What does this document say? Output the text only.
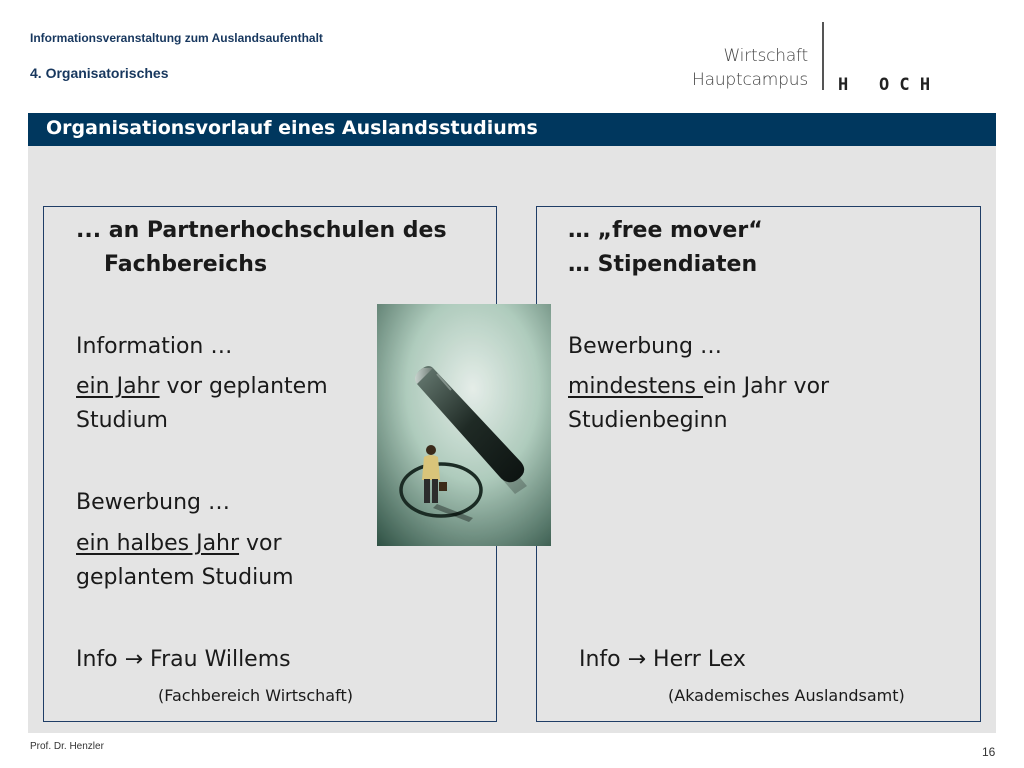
Informationsveranstaltung zum Auslandsaufenthalt
4. Organisatorisches
Wirtschaft
Hauptcampus

H   O C H

Organisationsvorlauf eines Auslandsstudiums
... an Partnerhochschulen des
Fachbereichs
Information …
ein Jahr vor geplantem
Studium
Bewerbung …
ein halbes Jahr vor
geplantem Studium
Info → Frau Willems
(Fachbereich Wirtschaft)
… „free mover“
… Stipendiaten
Bewerbung …
mindestens ein Jahr vor
Studienbeginn
Info → Herr Lex
(Akademisches Auslandsamt)
Prof. Dr. Henzler	16
